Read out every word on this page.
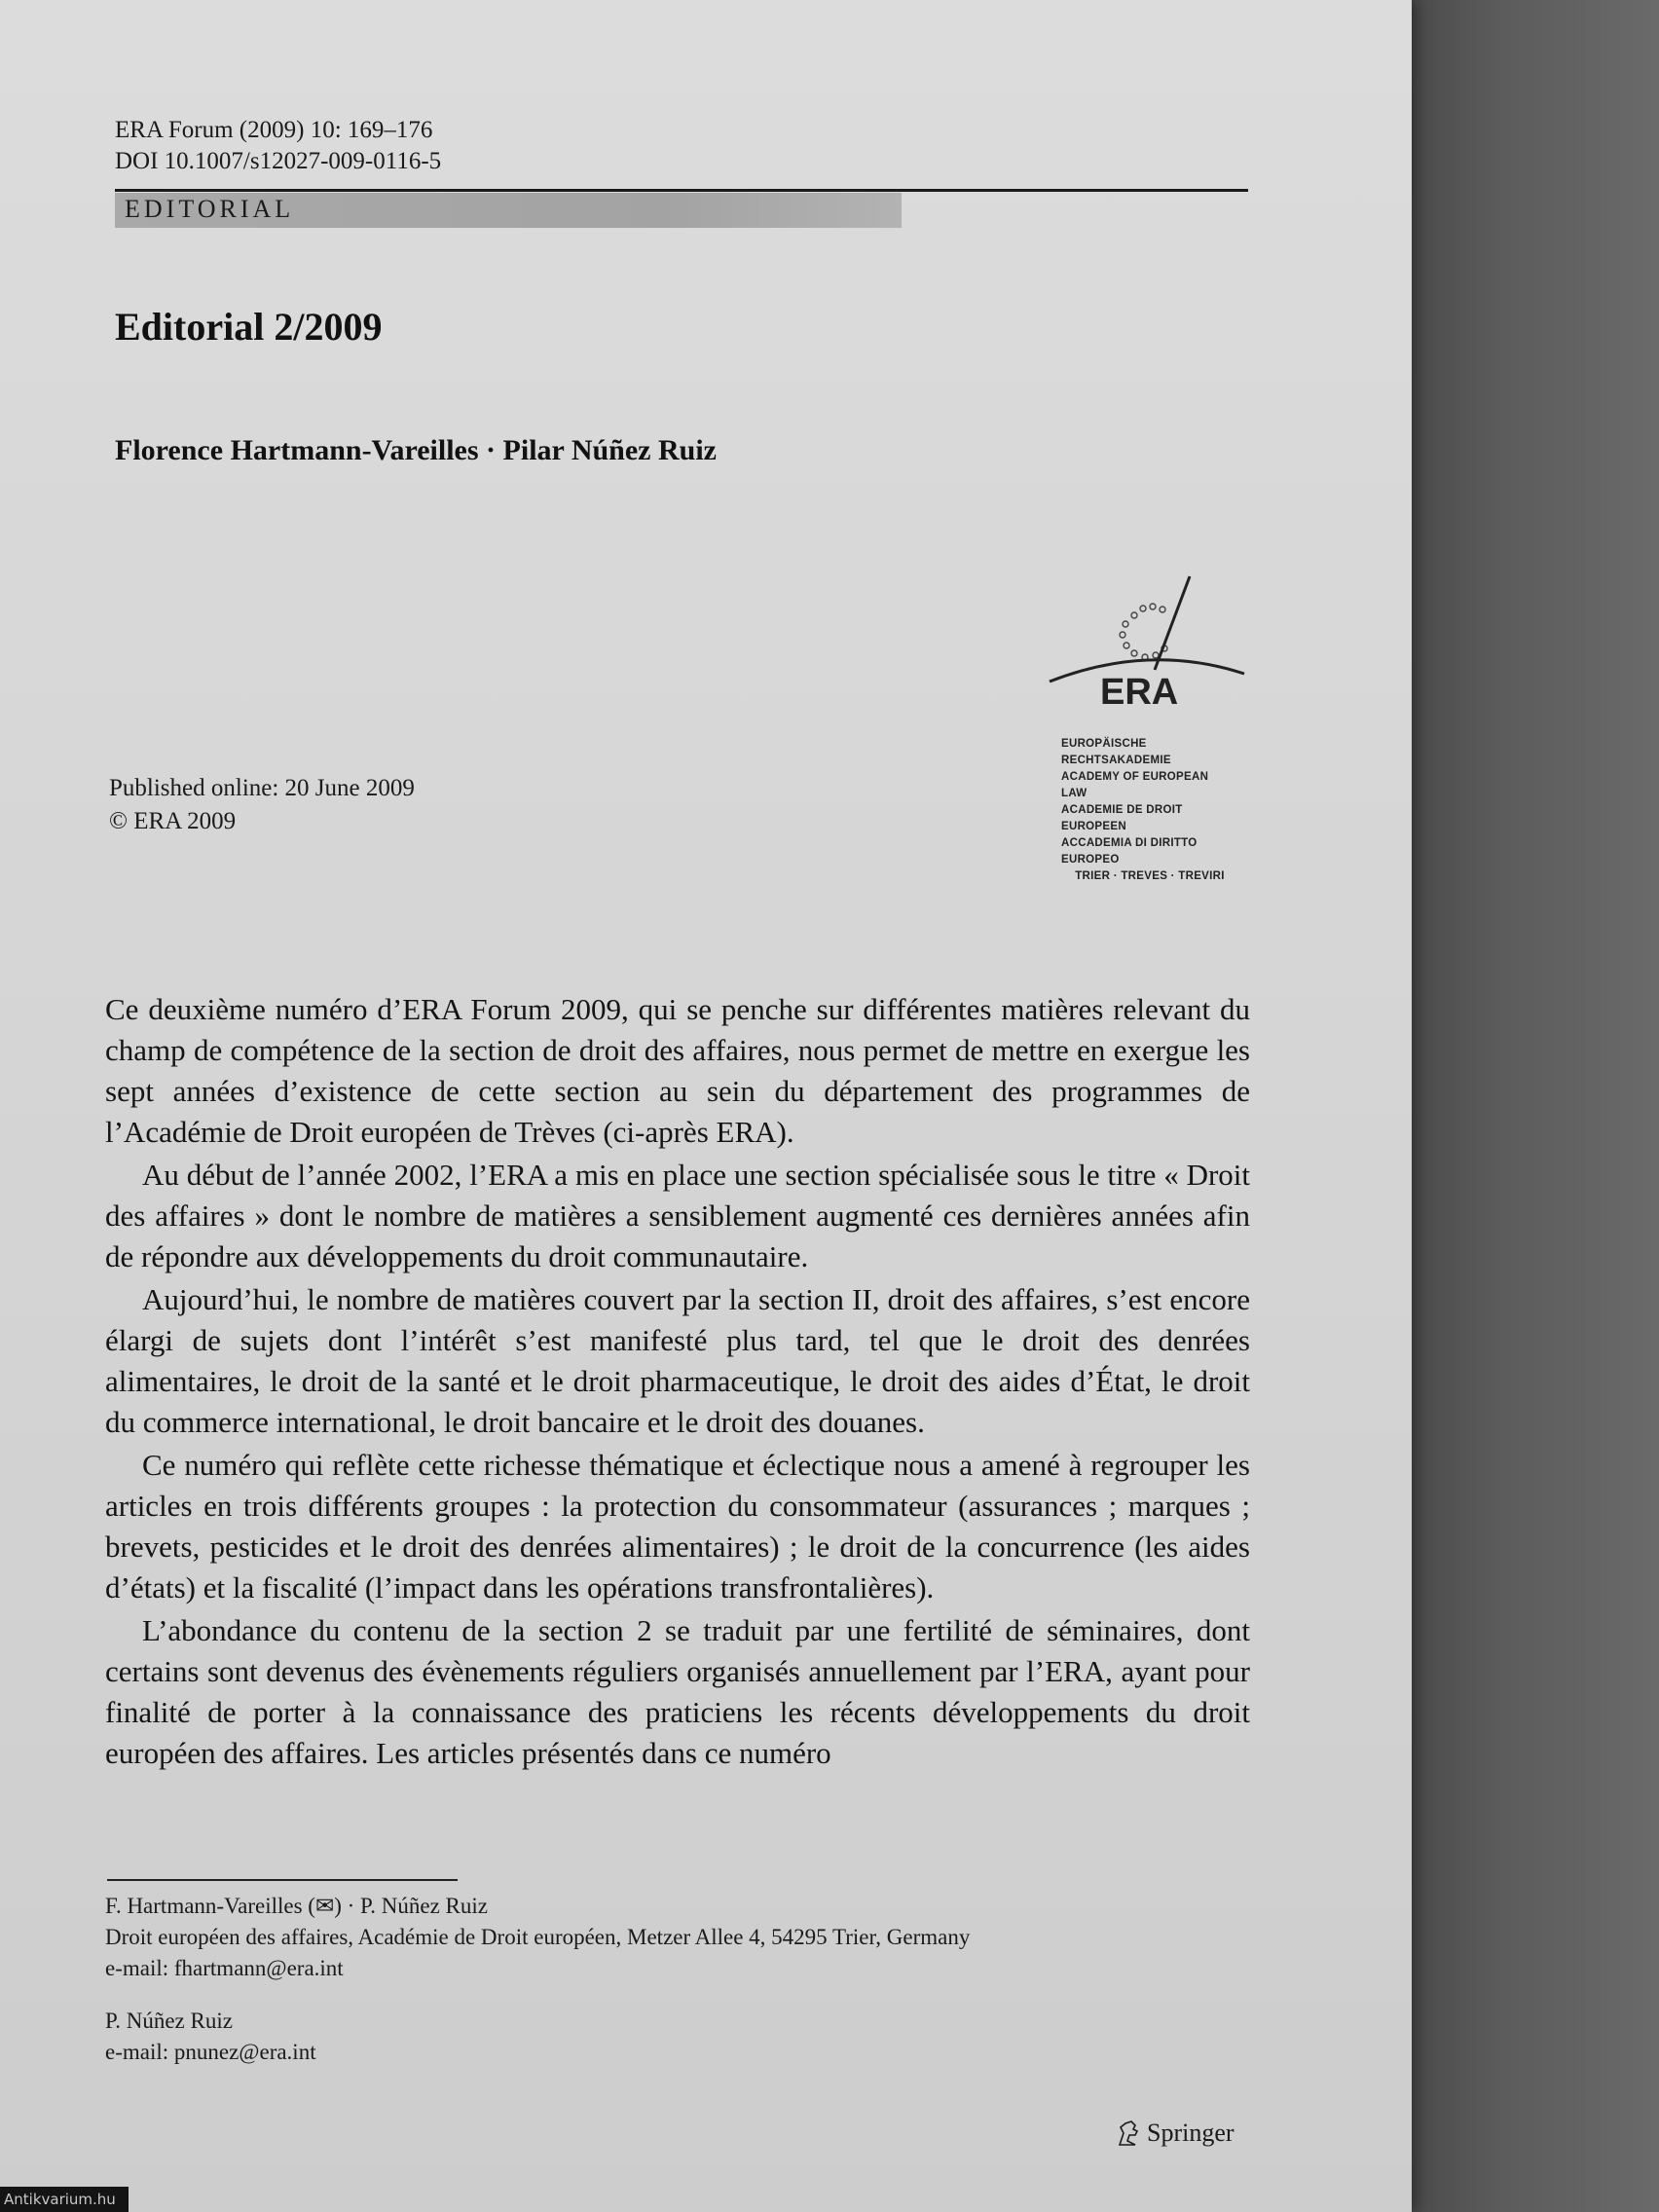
ERA Forum (2009) 10: 169–176
DOI 10.1007/s12027-009-0116-5
EDITORIAL
Editorial 2/2009
Florence Hartmann-Vareilles · Pilar Núñez Ruiz
Published online: 20 June 2009
© ERA 2009
ERA
EUROPÄISCHE RECHTSAKADEMIE
ACADEMY OF EUROPEAN LAW
ACADEMIE DE DROIT EUROPEEN
ACCADEMIA DI DIRITTO EUROPEO
TRIER · TREVES · TREVIRI

Ce deuxième numéro d’ERA Forum 2009, qui se penche sur différentes matières relevant du champ de compétence de la section de droit des affaires, nous permet de mettre en exergue les sept années d’existence de cette section au sein du département des programmes de l’Académie de Droit européen de Trèves (ci-après ERA).

Au début de l’année 2002, l’ERA a mis en place une section spécialisée sous le titre « Droit des affaires » dont le nombre de matières a sensiblement augmenté ces dernières années afin de répondre aux développements du droit communautaire.

Aujourd’hui, le nombre de matières couvert par la section II, droit des affaires, s’est encore élargi de sujets dont l’intérêt s’est manifesté plus tard, tel que le droit des denrées alimentaires, le droit de la santé et le droit pharmaceutique, le droit des aides d’État, le droit du commerce international, le droit bancaire et le droit des douanes.

Ce numéro qui reflète cette richesse thématique et éclectique nous a amené à regrouper les articles en trois différents groupes : la protection du consommateur (assurances ; marques ; brevets, pesticides et le droit des denrées alimentaires) ; le droit de la concurrence (les aides d’états) et la fiscalité (l’impact dans les opérations transfrontalières).

L’abondance du contenu de la section 2 se traduit par une fertilité de séminaires, dont certains sont devenus des évènements réguliers organisés annuellement par l’ERA, ayant pour finalité de porter à la connaissance des praticiens les récents développements du droit européen des affaires. Les articles présentés dans ce numéro

F. Hartmann-Vareilles (✉) · P. Núñez Ruiz
Droit européen des affaires, Académie de Droit européen, Metzer Allee 4, 54295 Trier, Germany
e-mail: fhartmann@era.int
P. Núñez Ruiz
e-mail: pnunez@era.int
Springer
Antikvarium.hu
